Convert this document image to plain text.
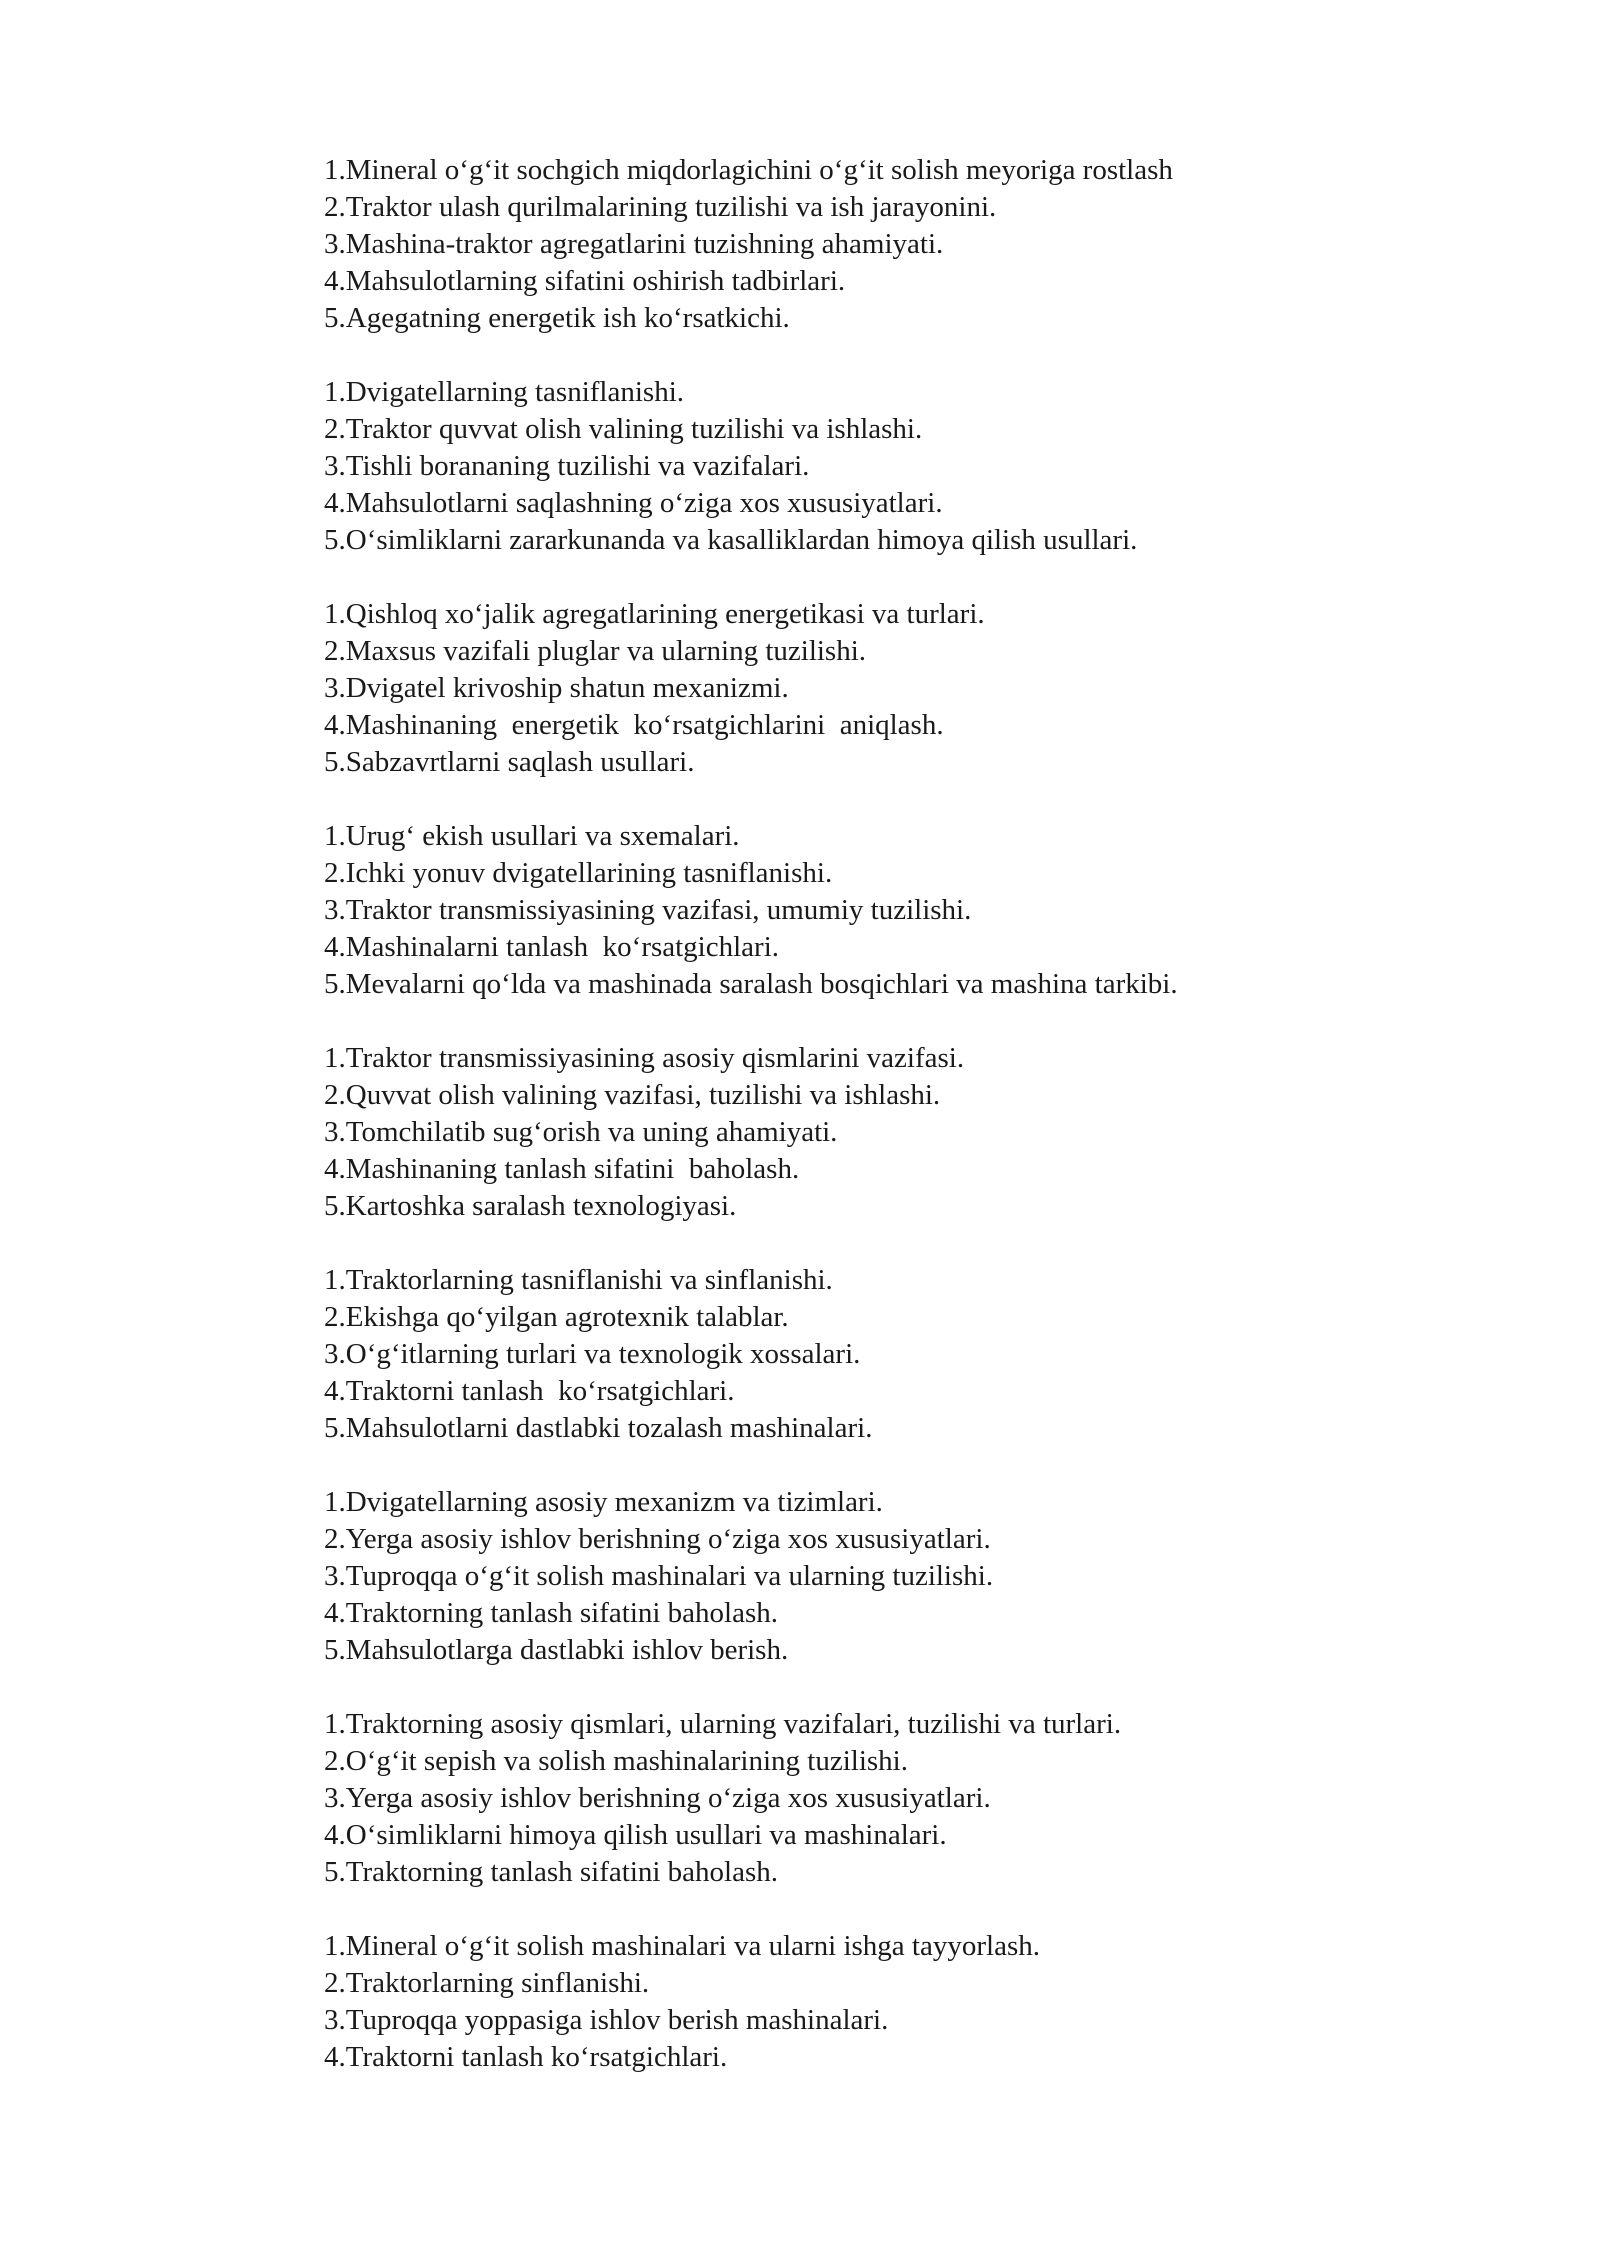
1.Mineral o‘g‘it sochgich miqdorlagichini o‘g‘it solish meyoriga rostlash
2.Traktor ulash qurilmalarining tuzilishi va ish jarayonini.
3.Mashina-traktor agregatlarini tuzishning ahamiyati.
4.Mahsulotlarning sifatini oshirish tadbirlari.
5.Agegatning energetik ish ko‘rsatkichi.
1.Dvigatellarning tasniflanishi.
2.Traktor quvvat olish valining tuzilishi va ishlashi.
3.Tishli borananing tuzilishi va vazifalari.
4.Mahsulotlarni saqlashning o‘ziga xos xususiyatlari.
5.O‘simliklarni zararkunanda va kasalliklardan himoya qilish usullari.
1.Qishloq xo‘jalik agregatlarining energetikasi va turlari.
2.Maxsus vazifali pluglar va ularning tuzilishi.
3.Dvigatel krivoship shatun mexanizmi.
4.Mashinaning  energetik  ko‘rsatgichlarini  aniqlash.
5.Sabzavrtlarni saqlash usullari.
1.Urug‘ ekish usullari va sxemalari.
2.Ichki yonuv dvigatellarining tasniflanishi.
3.Traktor transmissiyasining vazifasi, umumiy tuzilishi.
4.Mashinalarni tanlash  ko‘rsatgichlari.
5.Mevalarni qo‘lda va mashinada saralash bosqichlari va mashina tarkibi.
1.Traktor transmissiyasining asosiy qismlarini vazifasi.
2.Quvvat olish valining vazifasi, tuzilishi va ishlashi.
3.Tomchilatib sug‘orish va uning ahamiyati.
4.Mashinaning tanlash sifatini  baholash.
5.Kartoshka saralash texnologiyasi.
1.Traktorlarning tasniflanishi va sinflanishi.
2.Ekishga qo‘yilgan agrotexnik talablar.
3.O‘g‘itlarning turlari va texnologik xossalari.
4.Traktorni tanlash  ko‘rsatgichlari.
5.Mahsulotlarni dastlabki tozalash mashinalari.
1.Dvigatellarning asosiy mexanizm va tizimlari.
2.Yerga asosiy ishlov berishning o‘ziga xos xususiyatlari.
3.Tuproqqa o‘g‘it solish mashinalari va ularning tuzilishi.
4.Traktorning tanlash sifatini baholash.
5.Mahsulotlarga dastlabki ishlov berish.
1.Traktorning asosiy qismlari, ularning vazifalari, tuzilishi va turlari.
2.O‘g‘it sepish va solish mashinalarining tuzilishi.
3.Yerga asosiy ishlov berishning o‘ziga xos xususiyatlari.
4.O‘simliklarni himoya qilish usullari va mashinalari.
5.Traktorning tanlash sifatini baholash.
1.Mineral o‘g‘it solish mashinalari va ularni ishga tayyorlash.
2.Traktorlarning sinflanishi.
3.Tuproqqa yoppasiga ishlov berish mashinalari.
4.Traktorni tanlash ko‘rsatgichlari.
